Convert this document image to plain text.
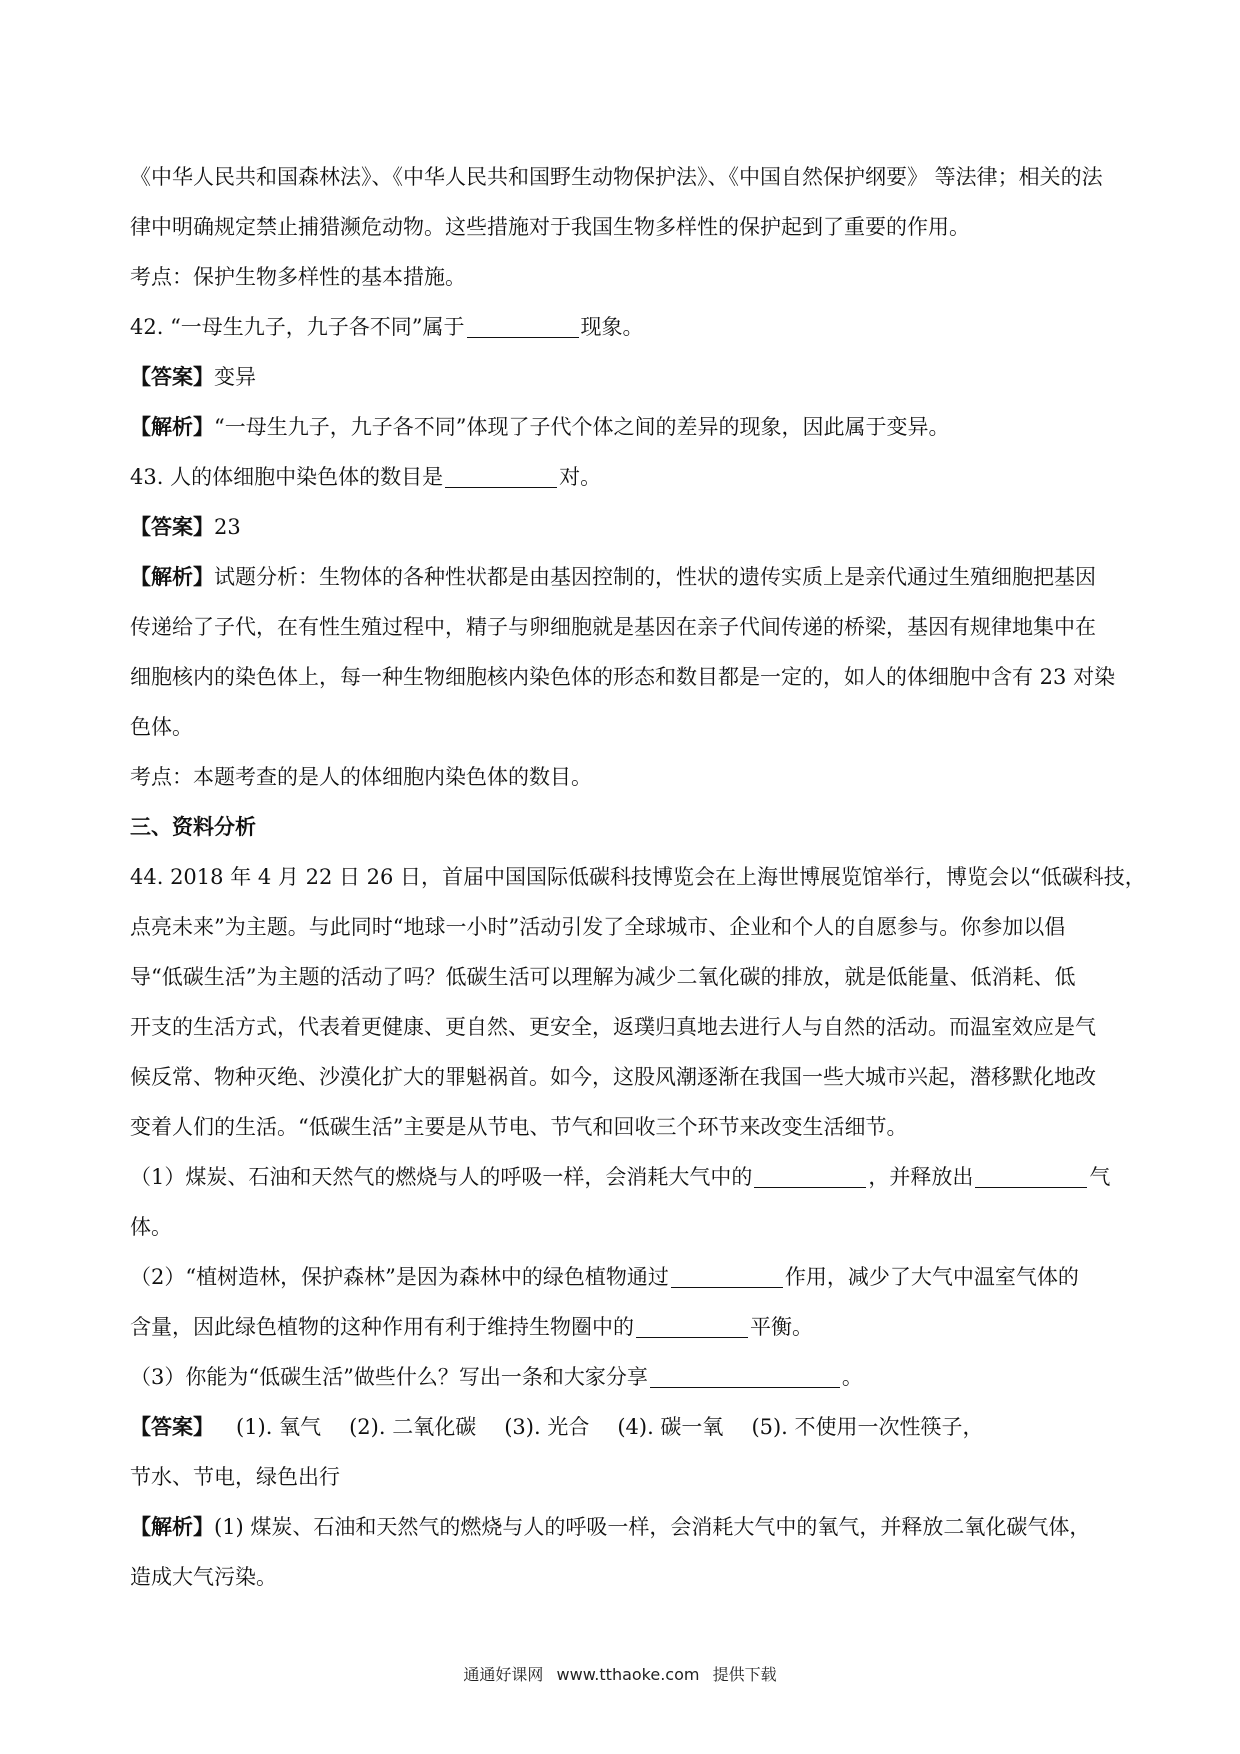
《中华人民共和国森林法》、《中华人民共和国野生动物保护法》、《中国自然保护纲要》 等法律；相关的法
律中明确规定禁止捕猎濒危动物。这些措施对于我国生物多样性的保护起到了重要的作用。
考点：保护生物多样性的基本措施。
42. “一母生九子，九子各不同”属于	现象。
【答案】变异
【解析】“一母生九子，九子各不同”体现了子代个体之间的差异的现象，因此属于变异。
43. 人的体细胞中染色体的数目是	对。
【答案】23
【解析】试题分析：生物体的各种性状都是由基因控制的，性状的遗传实质上是亲代通过生殖细胞把基因
传递给了子代，在有性生殖过程中，精子与卵细胞就是基因在亲子代间传递的桥梁，基因有规律地集中在
细胞核内的染色体上，每一种生物细胞核内染色体的形态和数目都是一定的，如人的体细胞中含有 23 对染
色体。
考点：本题考查的是人的体细胞内染色体的数目。
三、资料分析
44. 2018 年 4 月 22 日 26 日，首届中国国际低碳科技博览会在上海世博展览馆举行，博览会以“低碳科技，
点亮未来”为主题。与此同时“地球一小时”活动引发了全球城市、企业和个人的自愿参与。你参加以倡
导“低碳生活”为主题的活动了吗？低碳生活可以理解为减少二氧化碳的排放，就是低能量、低消耗、低
开支的生活方式，代表着更健康、更自然、更安全，返璞归真地去进行人与自然的活动。而温室效应是气
候反常、物种灭绝、沙漠化扩大的罪魁祸首。如今，这股风潮逐渐在我国一些大城市兴起，潜移默化地改
变着人们的生活。“低碳生活”主要是从节电、节气和回收三个环节来改变生活细节。
（1）煤炭、石油和天然气的燃烧与人的呼吸一样，会消耗大气中的	，并释放出	气
体。
（2）“植树造林，保护森林”是因为森林中的绿色植物通过	作用，减少了大气中温室气体的
含量，因此绿色植物的这种作用有利于维持生物圈中的	平衡。
（3）你能为“低碳生活”做些什么？写出一条和大家分享	。
【答案】 (1). 氧气 (2). 二氧化碳 (3). 光合 (4). 碳一氧 (5). 不使用一次性筷子，
节水、节电，绿色出行
【解析】(1) 煤炭、石油和天然气的燃烧与人的呼吸一样，会消耗大气中的氧气，并释放二氧化碳气体，
造成大气污染。
通通好课网 www.tthaoke.com 提供下载
